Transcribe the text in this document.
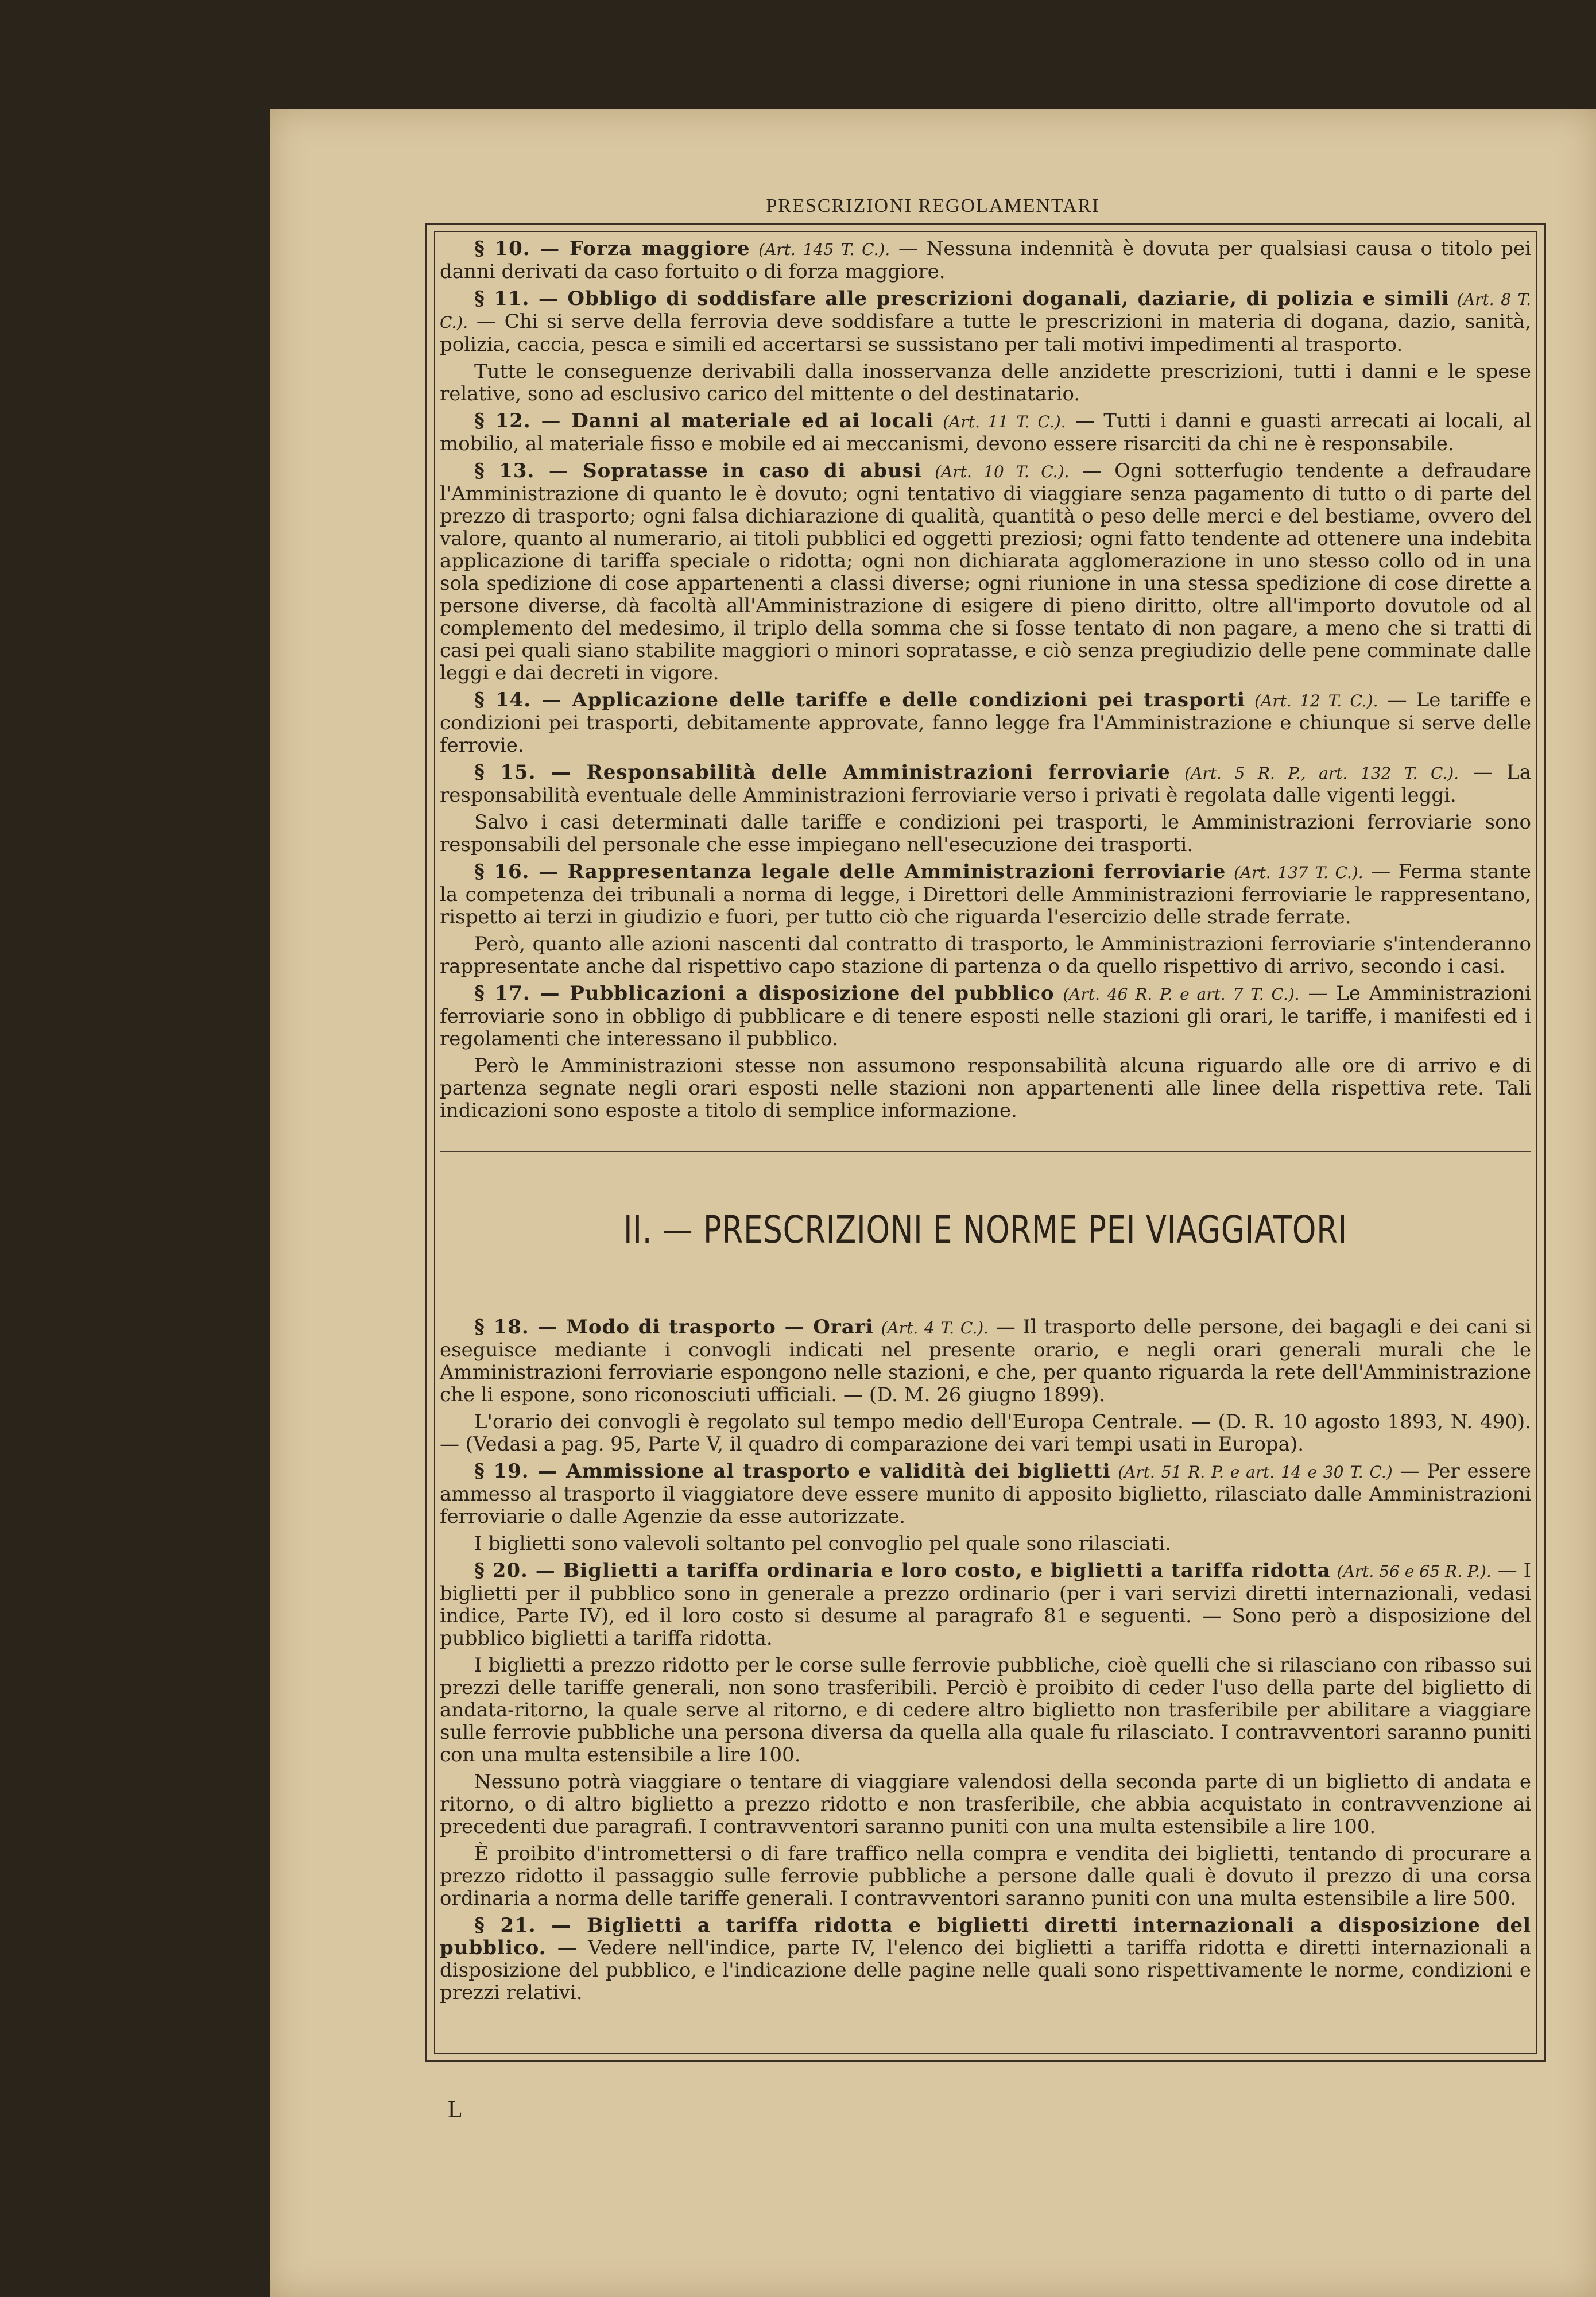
PRESCRIZIONI REGOLAMENTARI

§ 10. — Forza maggiore (Art. 145 T. C.). — Nessuna indennità è dovuta per qualsiasi causa o titolo pei danni derivati da caso fortuito o di forza maggiore.

§ 11. — Obbligo di soddisfare alle prescrizioni doganali, daziarie, di polizia e simili (Art. 8 T. C.). — Chi si serve della ferrovia deve soddisfare a tutte le prescrizioni in materia di dogana, dazio, sanità, polizia, caccia, pesca e simili ed accertarsi se sussistano per tali motivi impedimenti al trasporto.

Tutte le conseguenze derivabili dalla inosservanza delle anzidette prescrizioni, tutti i danni e le spese relative, sono ad esclusivo carico del mittente o del destinatario.

§ 12. — Danni al materiale ed ai locali (Art. 11 T. C.). — Tutti i danni e guasti arrecati ai locali, al mobilio, al materiale fisso e mobile ed ai meccanismi, devono essere risarciti da chi ne è responsabile.

§ 13. — Sopratasse in caso di abusi (Art. 10 T. C.). — Ogni sotterfugio tendente a defraudare l'Amministrazione di quanto le è dovuto; ogni tentativo di viaggiare senza pagamento di tutto o di parte del prezzo di trasporto; ogni falsa dichiarazione di qualità, quantità o peso delle merci e del bestiame, ovvero del valore, quanto al numerario, ai titoli pubblici ed oggetti preziosi; ogni fatto tendente ad ottenere una indebita applicazione di tariffa speciale o ridotta; ogni non dichiarata agglomerazione in uno stesso collo od in una sola spedizione di cose appartenenti a classi diverse; ogni riunione in una stessa spedizione di cose dirette a persone diverse, dà facoltà all'Amministrazione di esigere di pieno diritto, oltre all'importo dovutole od al complemento del medesimo, il triplo della somma che si fosse tentato di non pagare, a meno che si tratti di casi pei quali siano stabilite maggiori o minori sopratasse, e ciò senza pregiudizio delle pene comminate dalle leggi e dai decreti in vigore.

§ 14. — Applicazione delle tariffe e delle condizioni pei trasporti (Art. 12 T. C.). — Le tariffe e condizioni pei trasporti, debitamente approvate, fanno legge fra l'Amministrazione e chiunque si serve delle ferrovie.

§ 15. — Responsabilità delle Amministrazioni ferroviarie (Art. 5 R. P., art. 132 T. C.). — La responsabilità eventuale delle Amministrazioni ferroviarie verso i privati è regolata dalle vigenti leggi.

Salvo i casi determinati dalle tariffe e condizioni pei trasporti, le Amministrazioni ferroviarie sono responsabili del personale che esse impiegano nell'esecuzione dei trasporti.

§ 16. — Rappresentanza legale delle Amministrazioni ferroviarie (Art. 137 T. C.). — Ferma stante la competenza dei tribunali a norma di legge, i Direttori delle Amministrazioni ferroviarie le rappresentano, rispetto ai terzi in giudizio e fuori, per tutto ciò che riguarda l'esercizio delle strade ferrate.

Però, quanto alle azioni nascenti dal contratto di trasporto, le Amministrazioni ferroviarie s'intenderanno rappresentate anche dal rispettivo capo stazione di partenza o da quello rispettivo di arrivo, secondo i casi.

§ 17. — Pubblicazioni a disposizione del pubblico (Art. 46 R. P. e art. 7 T. C.). — Le Amministrazioni ferroviarie sono in obbligo di pubblicare e di tenere esposti nelle stazioni gli orari, le tariffe, i manifesti ed i regolamenti che interessano il pubblico.

Però le Amministrazioni stesse non assumono responsabilità alcuna riguardo alle ore di arrivo e di partenza segnate negli orari esposti nelle stazioni non appartenenti alle linee della rispettiva rete. Tali indicazioni sono esposte a titolo di semplice informazione.

II. — PRESCRIZIONI E NORME PEI VIAGGIATORI

§ 18. — Modo di trasporto — Orari (Art. 4 T. C.). — Il trasporto delle persone, dei bagagli e dei cani si eseguisce mediante i convogli indicati nel presente orario, e negli orari generali murali che le Amministrazioni ferroviarie espongono nelle stazioni, e che, per quanto riguarda la rete dell'Amministrazione che li espone, sono riconosciuti ufficiali. — (D. M. 26 giugno 1899).

L'orario dei convogli è regolato sul tempo medio dell'Europa Centrale. — (D. R. 10 agosto 1893, N. 490). — (Vedasi a pag. 95, Parte V, il quadro di comparazione dei vari tempi usati in Europa).

§ 19. — Ammissione al trasporto e validità dei biglietti (Art. 51 R. P. e art. 14 e 30 T. C.) — Per essere ammesso al trasporto il viaggiatore deve essere munito di apposito biglietto, rilasciato dalle Amministrazioni ferroviarie o dalle Agenzie da esse autorizzate.

I biglietti sono valevoli soltanto pel convoglio pel quale sono rilasciati.

§ 20. — Biglietti a tariffa ordinaria e loro costo, e biglietti a tariffa ridotta (Art. 56 e 65 R. P.). — I biglietti per il pubblico sono in generale a prezzo ordinario (per i vari servizi diretti internazionali, vedasi indice, Parte IV), ed il loro costo si desume al paragrafo 81 e seguenti. — Sono però a disposizione del pubblico biglietti a tariffa ridotta.

I biglietti a prezzo ridotto per le corse sulle ferrovie pubbliche, cioè quelli che si rilasciano con ribasso sui prezzi delle tariffe generali, non sono trasferibili. Perciò è proibito di ceder l'uso della parte del biglietto di andata-ritorno, la quale serve al ritorno, e di cedere altro biglietto non trasferibile per abilitare a viaggiare sulle ferrovie pubbliche una persona diversa da quella alla quale fu rilasciato. I contravventori saranno puniti con una multa estensibile a lire 100.

Nessuno potrà viaggiare o tentare di viaggiare valendosi della seconda parte di un biglietto di andata e ritorno, o di altro biglietto a prezzo ridotto e non trasferibile, che abbia acquistato in contravvenzione ai precedenti due paragrafi. I contravventori saranno puniti con una multa estensibile a lire 100.

È proibito d'intromettersi o di fare traffico nella compra e vendita dei biglietti, tentando di procurare a prezzo ridotto il passaggio sulle ferrovie pubbliche a persone dalle quali è dovuto il prezzo di una corsa ordinaria a norma delle tariffe generali. I contravventori saranno puniti con una multa estensibile a lire 500.

§ 21. — Biglietti a tariffa ridotta e biglietti diretti internazionali a disposizione del pubblico. — Vedere nell'indice, parte IV, l'elenco dei biglietti a tariffa ridotta e diretti internazionali a disposizione del pubblico, e l'indicazione delle pagine nelle quali sono rispettivamente le norme, condizioni e prezzi relativi.

L
